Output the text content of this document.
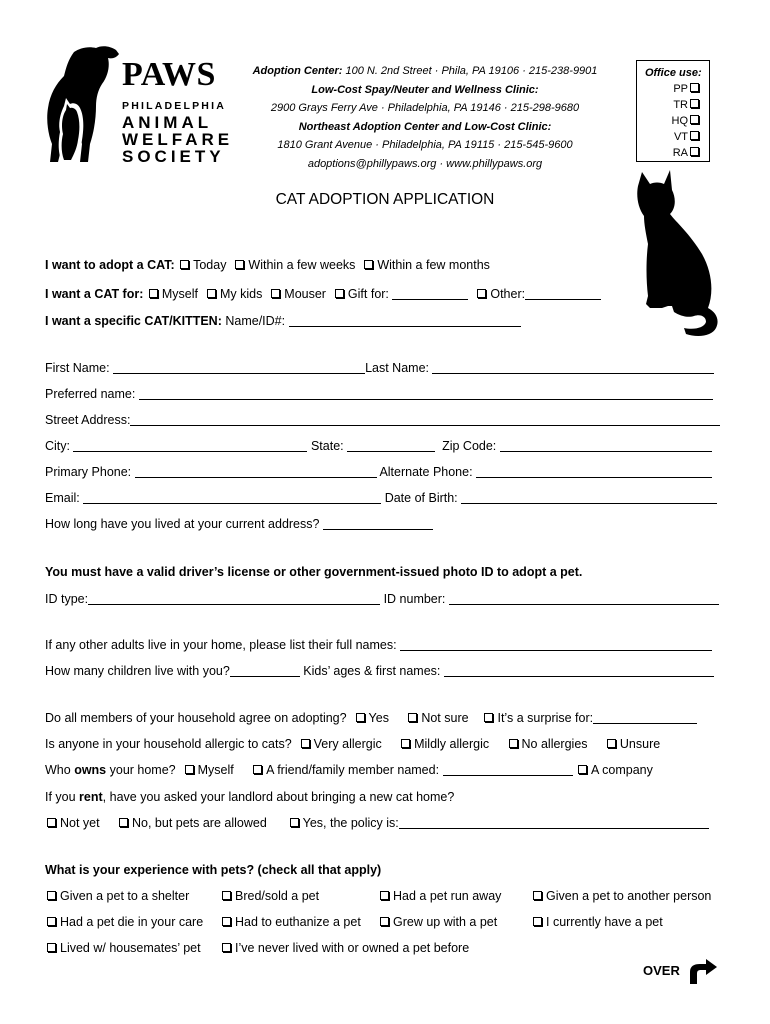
PAWS
PHILADELPHIA
ANIMAL
WELFARE
SOCIETY
Adoption Center: 100 N. 2nd Street · Phila, PA 19106 · 215-238-9901
Low-Cost Spay/Neuter and Wellness Clinic:
2900 Grays Ferry Ave · Philadelphia, PA 19146 · 215-298-9680
Northeast Adoption Center and Low-Cost Clinic:
1810 Grant Avenue · Philadelphia, PA 19115 · 215-545-9600
adoptions@phillypaws.org · www.phillypaws.org
Office use:
PP
TR
HQ
VT
RA
CAT ADOPTION APPLICATION
I want to adopt a CAT: Today Within a few weeks Within a few months
I want a CAT for: Myself My kids Mouser Gift for:	Other:
I want a specific CAT/KITTEN: Name/ID#:
First Name:	Last Name:
Preferred name:
Street Address:
City:	State:	Zip Code:
Primary Phone:	Alternate Phone:
Email:	Date of Birth:
How long have you lived at your current address?
You must have a valid driver’s license or other government-issued photo ID to adopt a pet.
ID type:	ID number:
If any other adults live in your home, please list their full names:
How many children live with you?	Kids’ ages & first names:
Do all members of your household agree on adopting? Yes	Not sure It’s a surprise for:
Is anyone in your household allergic to cats? Very allergic	Mildly allergic	No allergies	Unsure
Who owns your home? Myself	A friend/family member named:	A company
If you rent, have you asked your landlord about bringing a new cat home?
Not yet	No, but pets are allowed	Yes, the policy is:
What is your experience with pets? (check all that apply)
Given a pet to a shelter	Bred/sold a pet	Had a pet run away	Given a pet to another person
Had a pet die in your care	Had to euthanize a pet	Grew up with a pet	I currently have a pet
Lived w/ housemates’ pet	I’ve never lived with or owned a pet before
OVER
